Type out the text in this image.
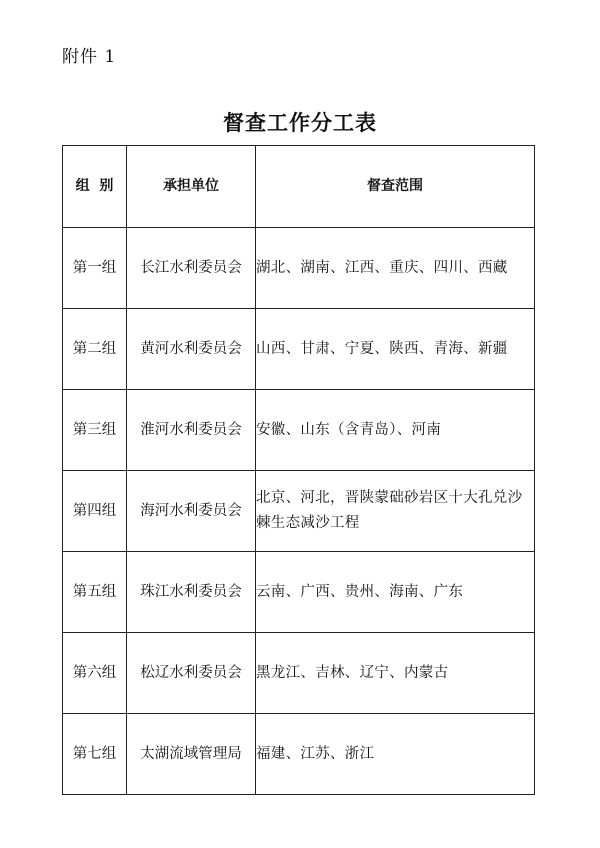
附件 1
督查工作分工表
组  别	承担单位	督查范围
第一组	长江水利委员会	湖北、湖南、江西、重庆、四川、西藏
第二组	黄河水利委员会	山西、甘肃、宁夏、陕西、青海、新疆
第三组	淮河水利委员会	安徽、山东（含青岛）、河南
第四组	海河水利委员会	北京、河北，晋陕蒙础砂岩区十大孔兑沙棘生态减沙工程
第五组	珠江水利委员会	云南、广西、贵州、海南、广东
第六组	松辽水利委员会	黑龙江、吉林、辽宁、内蒙古
第七组	太湖流域管理局	福建、江苏、浙江
